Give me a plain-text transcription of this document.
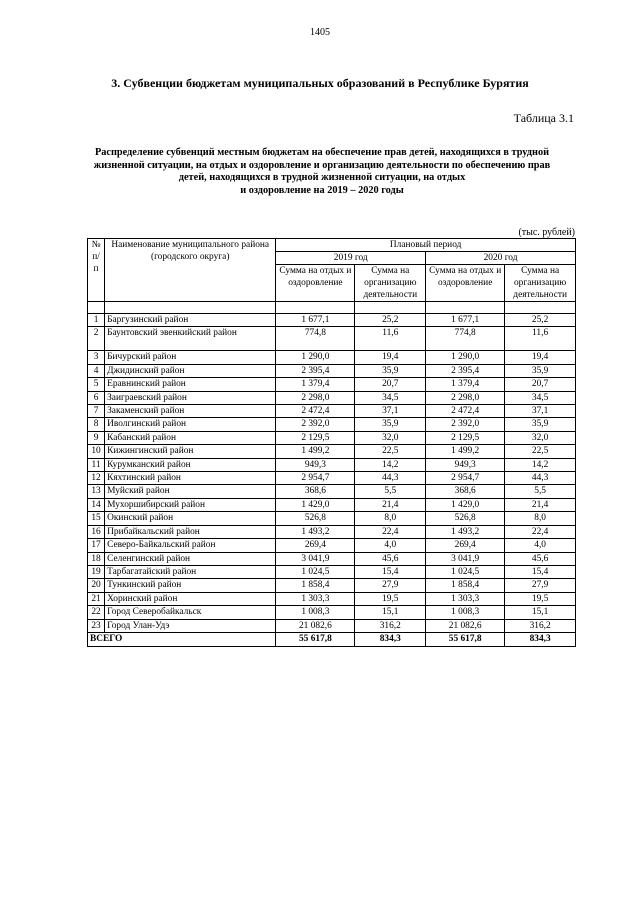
1405
3. Субвенции бюджетам муниципальных образований в Республике Бурятия
Таблица 3.1
Распределение субвенций местным бюджетам на обеспечение прав детей, находящихся в трудной
жизненной ситуации, на отдых и оздоровление и организацию деятельности по обеспечению прав
детей, находящихся в трудной жизненной ситуации, на отдых
и оздоровление на 2019 – 2020 годы
(тыс. рублей)
№ п/п	Наименование муниципального района (городского округа)	Плановый период			
		2019 год		2020 год	
		Сумма на отдых и оздоровление	Сумма на организацию деятельности	Сумма на отдых и оздоровление	Сумма на организацию деятельности

1	Баргузинский район	1 677,1	25,2	1 677,1	25,2
2	Баунтовский эвенкийский район	774,8	11,6	774,8	11,6
3	Бичурский район	1 290,0	19,4	1 290,0	19,4
4	Джидинский район	2 395,4	35,9	2 395,4	35,9
5	Еравнинский район	1 379,4	20,7	1 379,4	20,7
6	Заиграевский район	2 298,0	34,5	2 298,0	34,5
7	Закаменский район	2 472,4	37,1	2 472,4	37,1
8	Иволгинский район	2 392,0	35,9	2 392,0	35,9
9	Кабанский район	2 129,5	32,0	2 129,5	32,0
10	Кижингинский район	1 499,2	22,5	1 499,2	22,5
11	Курумканский район	949,3	14,2	949,3	14,2
12	Кяхтинский район	2 954,7	44,3	2 954,7	44,3
13	Муйский район	368,6	5,5	368,6	5,5
14	Мухоршибирский район	1 429,0	21,4	1 429,0	21,4
15	Окинский район	526,8	8,0	526,8	8,0
16	Прибайкальский район	1 493,2	22,4	1 493,2	22,4
17	Северо-Байкальский район	269,4	4,0	269,4	4,0
18	Селенгинский район	3 041,9	45,6	3 041,9	45,6
19	Тарбагатайский район	1 024,5	15,4	1 024,5	15,4
20	Тункинский район	1 858,4	27,9	1 858,4	27,9
21	Хоринский район	1 303,3	19,5	1 303,3	19,5
22	Город Северобайкальск	1 008,3	15,1	1 008,3	15,1
23	Город Улан-Удэ	21 082,6	316,2	21 082,6	316,2
ВСЕГО		55 617,8	834,3	55 617,8	834,3
